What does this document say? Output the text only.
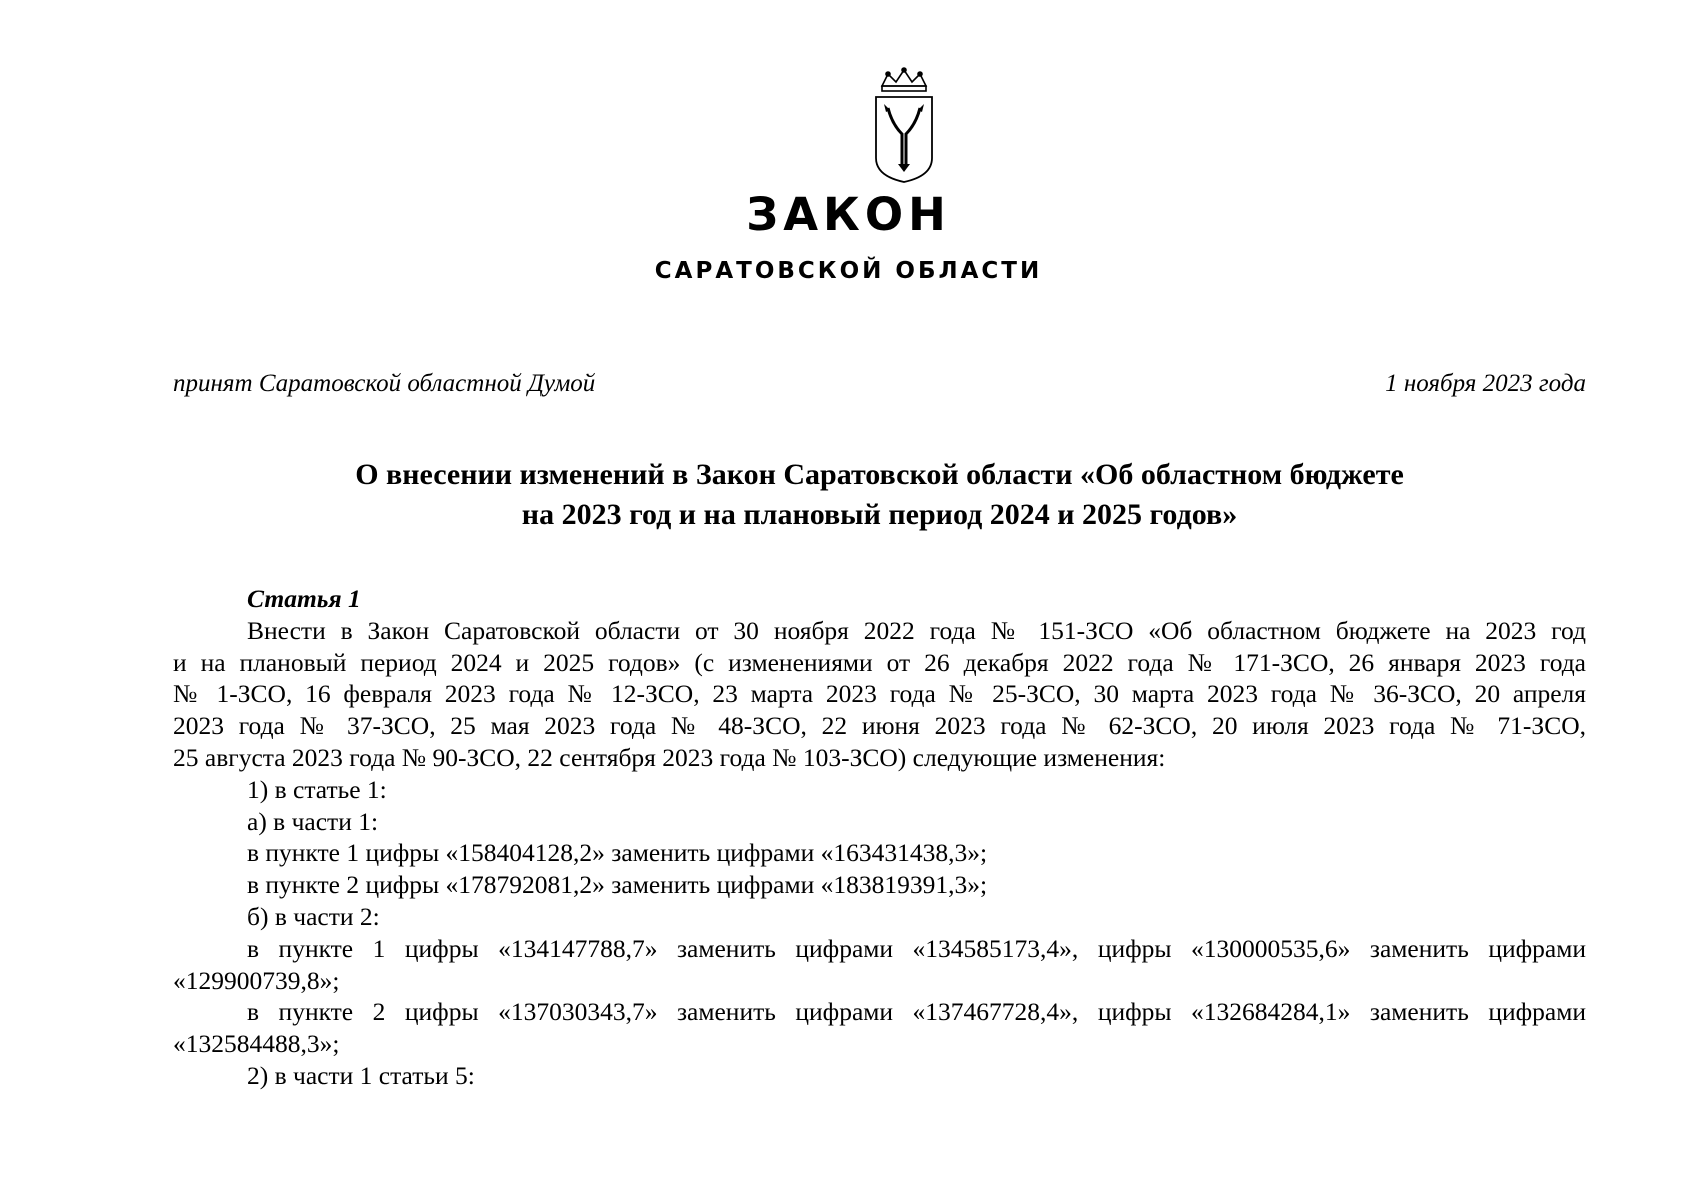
ЗАКОН
САРАТОВСКОЙ ОБЛАСТИ
принят Саратовской областной Думой	1 ноября 2023 года
О внесении изменений в Закон Саратовской области «Об областном бюджете
на 2023 год и на плановый период 2024 и 2025 годов»
Статья 1
Внести в Закон Саратовской области от 30 ноября 2022 года № 151-ЗСО «Об областном бюджете на 2023 год
и на плановый период 2024 и 2025 годов» (с изменениями от 26 декабря 2022 года № 171-ЗСО, 26 января 2023 года
№ 1-ЗСО, 16 февраля 2023 года № 12-ЗСО, 23 марта 2023 года № 25-ЗСО, 30 марта 2023 года № 36-ЗСО, 20 апреля
2023 года № 37-ЗСО, 25 мая 2023 года № 48-ЗСО, 22 июня 2023 года № 62-ЗСО, 20 июля 2023 года № 71-ЗСО,
25 августа 2023 года № 90-ЗСО, 22 сентября 2023 года № 103-ЗСО) следующие изменения:
1) в статье 1:
а) в части 1:
в пункте 1 цифры «158404128,2» заменить цифрами «163431438,3»;
в пункте 2 цифры «178792081,2» заменить цифрами «183819391,3»;
б) в части 2:
в пункте 1 цифры «134147788,7» заменить цифрами «134585173,4», цифры «130000535,6» заменить цифрами
«129900739,8»;
в пункте 2 цифры «137030343,7» заменить цифрами «137467728,4», цифры «132684284,1» заменить цифрами
«132584488,3»;
2) в части 1 статьи 5:
